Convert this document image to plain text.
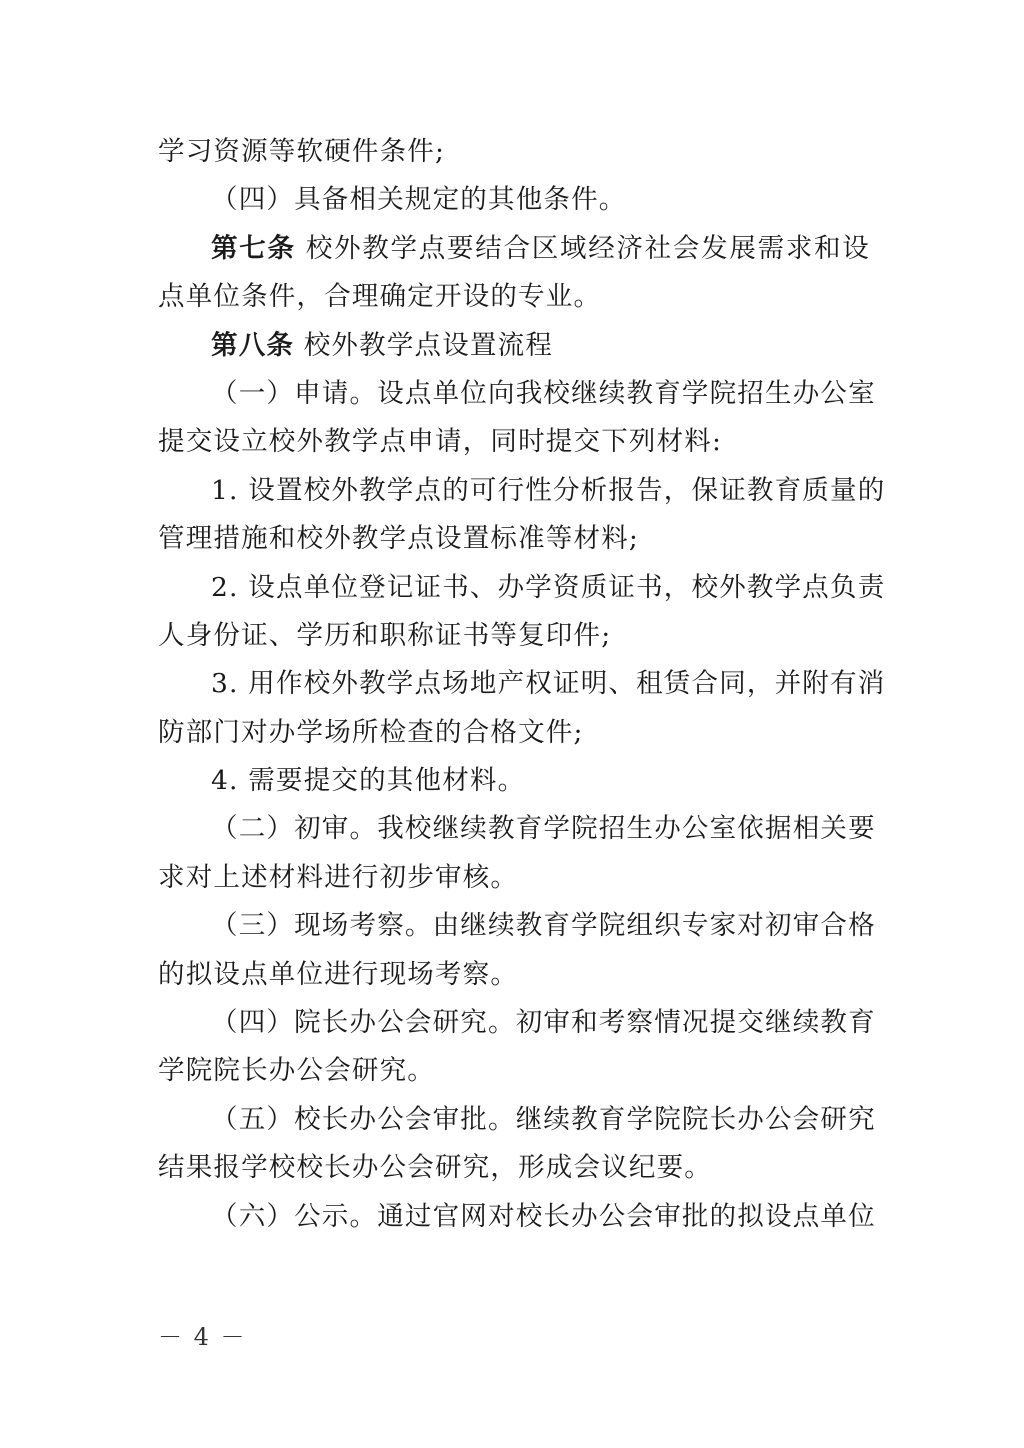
学习资源等软硬件条件;
（四）具备相关规定的其他条件。
第七条 校外教学点要结合区域经济社会发展需求和设
点单位条件，合理确定开设的专业。
第八条 校外教学点设置流程
（一）申请。设点单位向我校继续教育学院招生办公室
提交设立校外教学点申请，同时提交下列材料:
1. 设置校外教学点的可行性分析报告，保证教育质量的
管理措施和校外教学点设置标准等材料;
2. 设点单位登记证书、办学资质证书，校外教学点负责
人身份证、学历和职称证书等复印件;
3. 用作校外教学点场地产权证明、租赁合同，并附有消
防部门对办学场所检查的合格文件;
4. 需要提交的其他材料。
（二）初审。我校继续教育学院招生办公室依据相关要
求对上述材料进行初步审核。
（三）现场考察。由继续教育学院组织专家对初审合格
的拟设点单位进行现场考察。
（四）院长办公会研究。初审和考察情况提交继续教育
学院院长办公会研究。
（五）校长办公会审批。继续教育学院院长办公会研究
结果报学校校长办公会研究，形成会议纪要。
（六）公示。通过官网对校长办公会审批的拟设点单位
－ 4 －
